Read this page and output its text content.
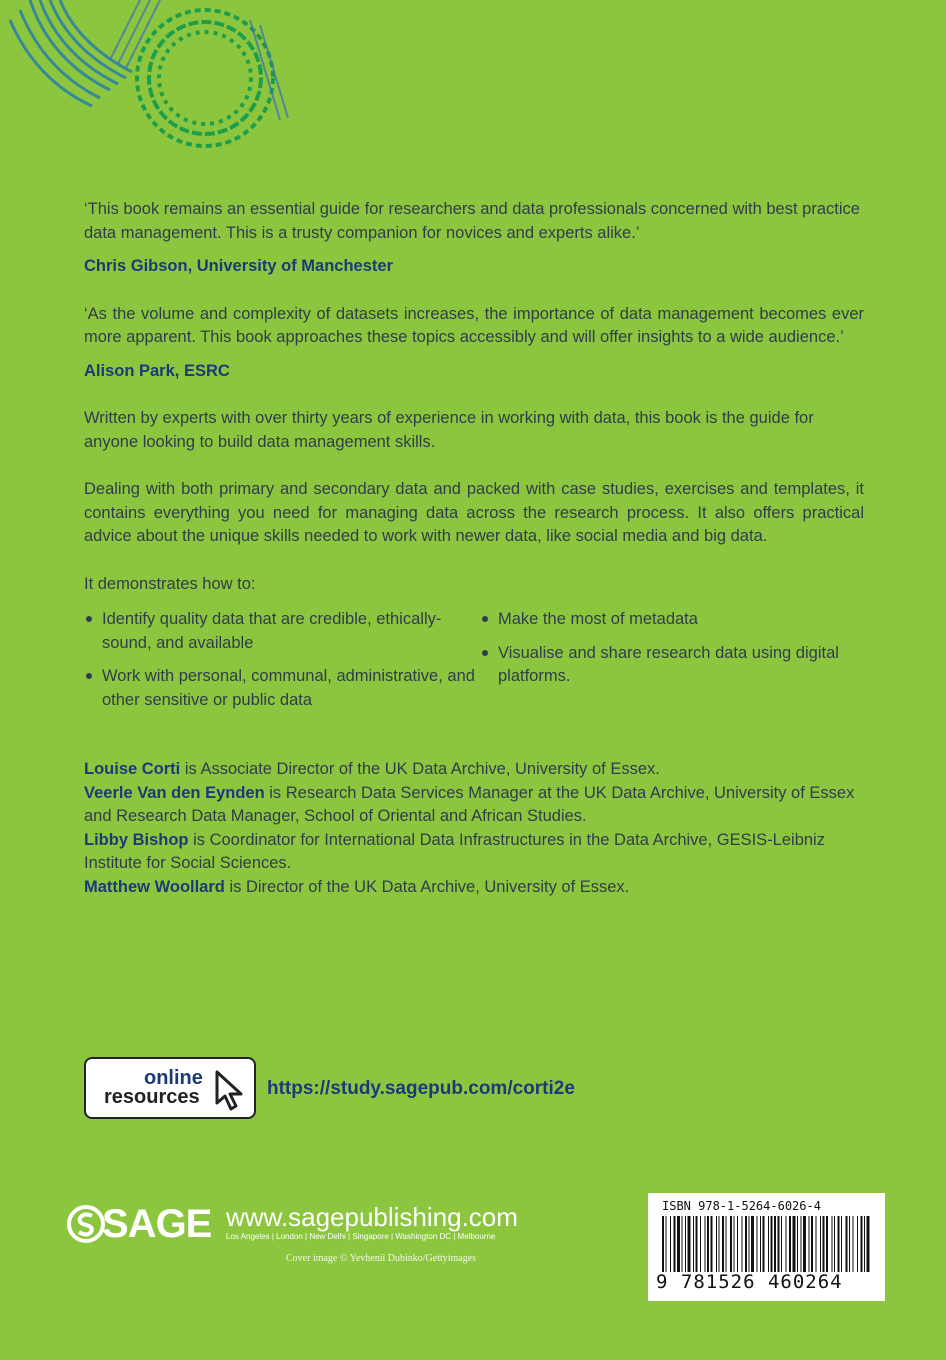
‘This book remains an essential guide for researchers and data professionals concerned with best practice data management. This is a trusty companion for novices and experts alike.’

Chris Gibson, University of Manchester

‘As the volume and complexity of datasets increases, the importance of data management becomes ever more apparent. This book approaches these topics accessibly and will offer insights to a wide audience.’

Alison Park, ESRC

Written by experts with over thirty years of experience in working with data, this book is the guide for anyone looking to build data management skills.

Dealing with both primary and secondary data and packed with case studies, exercises and templates, it contains everything you need for managing data across the research process. It also offers practical advice about the unique skills needed to work with newer data, like social media and big data.

It demonstrates how to:

Identify quality data that are credible, ethically-sound, and available
Work with personal, communal, administrative, and other sensitive or public data
Make the most of metadata
Visualise and share research data using digital platforms.

Louise Corti is Associate Director of the UK Data Archive, University of Essex.

Veerle Van den Eynden is Research Data Services Manager at the UK Data Archive, University of Essex and Research Data Manager, School of Oriental and African Studies.

Libby Bishop is Coordinator for International Data Infrastructures in the Data Archive, GESIS-Leibniz Institute for Social Sciences.

Matthew Woollard is Director of the UK Data Archive, University of Essex.

online
resources	https://study.sagepub.com/corti2e
SAGE www.sagepublishing.com
Los Angeles | London | New Delhi | Singapore | Washington DC | Melbourne
Cover image © Yevhenii Dubinko/Gettyimages
ISBN 978-1-5264-6026-4
9 781526 460264
